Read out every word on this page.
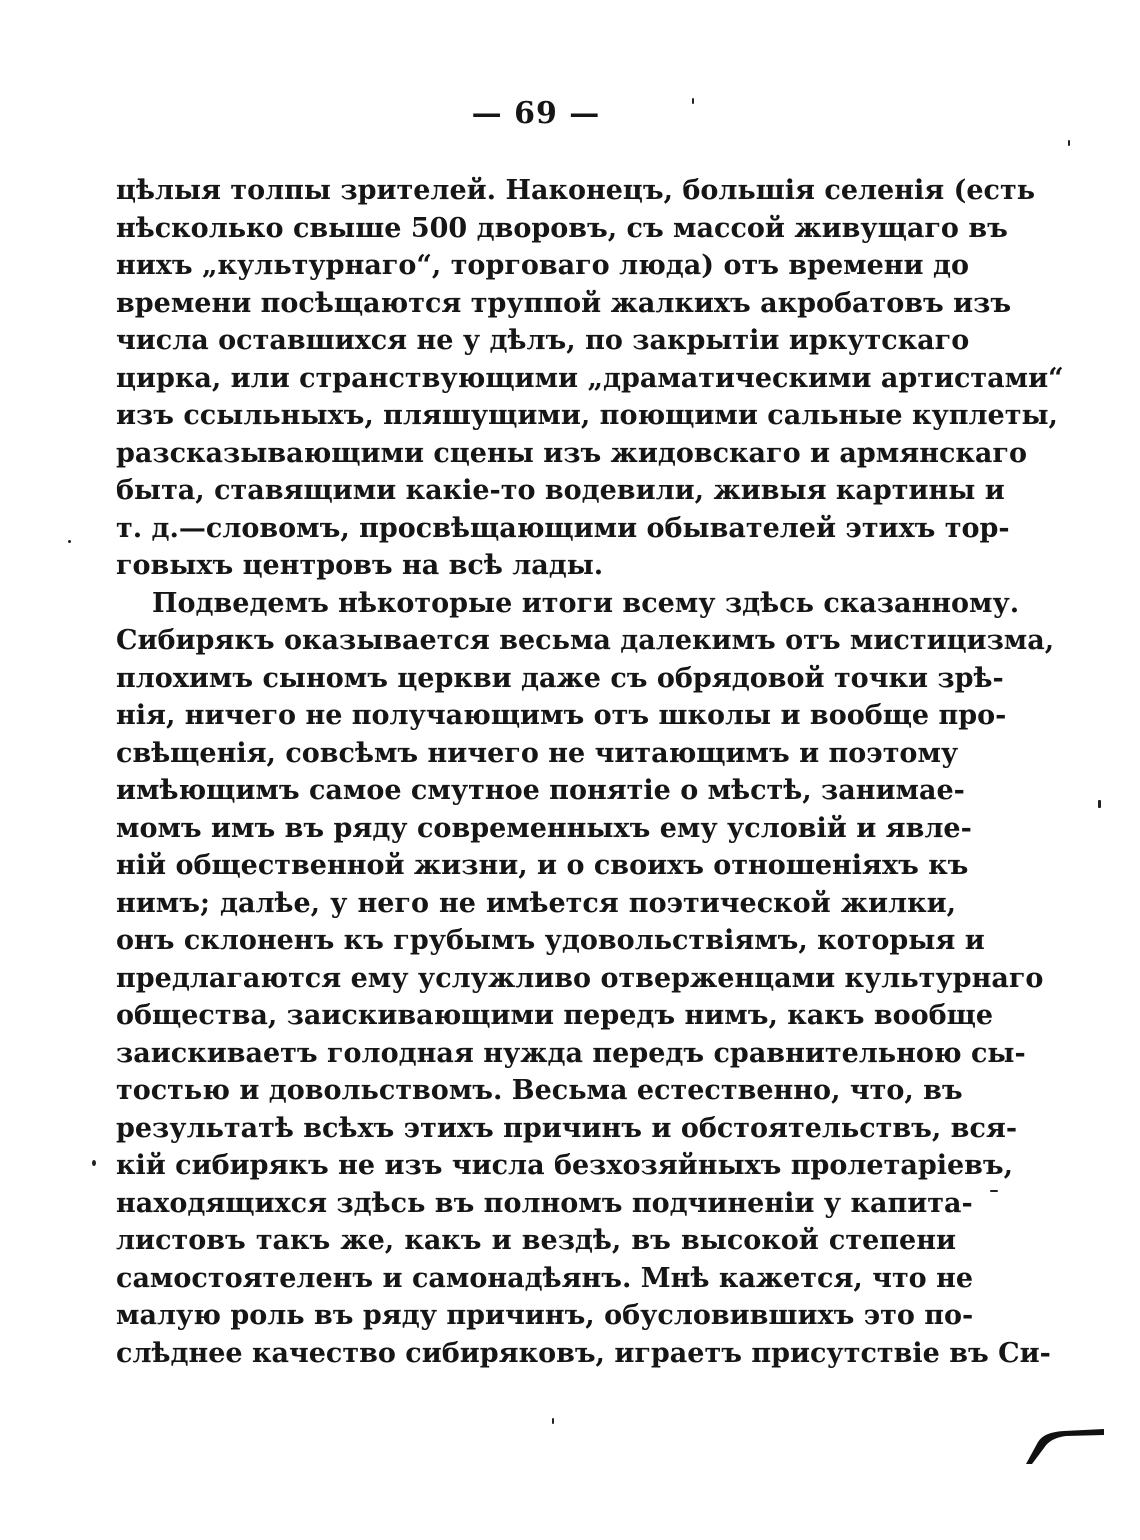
— 69 —
цѣлыя толпы зрителей. Наконецъ, большія селенія (есть
нѣсколько свыше 500 дворовъ, съ массой живущаго въ
нихъ „культурнаго“, торговаго люда) отъ времени до
времени посѣщаются труппой жалкихъ акробатовъ изъ
числа оставшихся не у дѣлъ, по закрытіи иркутскаго
цирка, или странствующими „драматическими артистами“
изъ ссыльныхъ, пляшущими, поющими сальные куплеты,
разсказывающими сцены изъ жидовскаго и армянскаго
быта, ставящими какіе-то водевили, живыя картины и
т. д.—словомъ, просвѣщающими обывателей этихъ тор-
говыхъ центровъ на всѣ лады.
Подведемъ нѣкоторые итоги всему здѣсь сказанному.
Сибирякъ оказывается весьма далекимъ отъ мистицизма,
плохимъ сыномъ церкви даже съ обрядовой точки зрѣ-
нія, ничего не получающимъ отъ школы и вообще про-
свѣщенія, совсѣмъ ничего не читающимъ и поэтому
имѣющимъ самое смутное понятіе о мѣстѣ, занимае-
момъ имъ въ ряду современныхъ ему условій и явле-
ній общественной жизни, и о своихъ отношеніяхъ къ
нимъ; далѣе, у него не имѣется поэтической жилки,
онъ склоненъ къ грубымъ удовольствіямъ, которыя и
предлагаются ему услужливо отверженцами культурнаго
общества, заискивающими передъ нимъ, какъ вообще
заискиваетъ голодная нужда передъ сравнительною сы-
тостью и довольствомъ. Весьма естественно, что, въ
результатѣ всѣхъ этихъ причинъ и обстоятельствъ, вся-
кій сибирякъ не изъ числа безхозяйныхъ пролетаріевъ,
находящихся здѣсь въ полномъ подчиненіи у капита-
листовъ такъ же, какъ и вездѣ, въ высокой степени
самостоятеленъ и самонадѣянъ. Мнѣ кажется, что не
малую роль въ ряду причинъ, обусловившихъ это по-
слѣднее качество сибиряковъ, играетъ присутствіе въ Си-
